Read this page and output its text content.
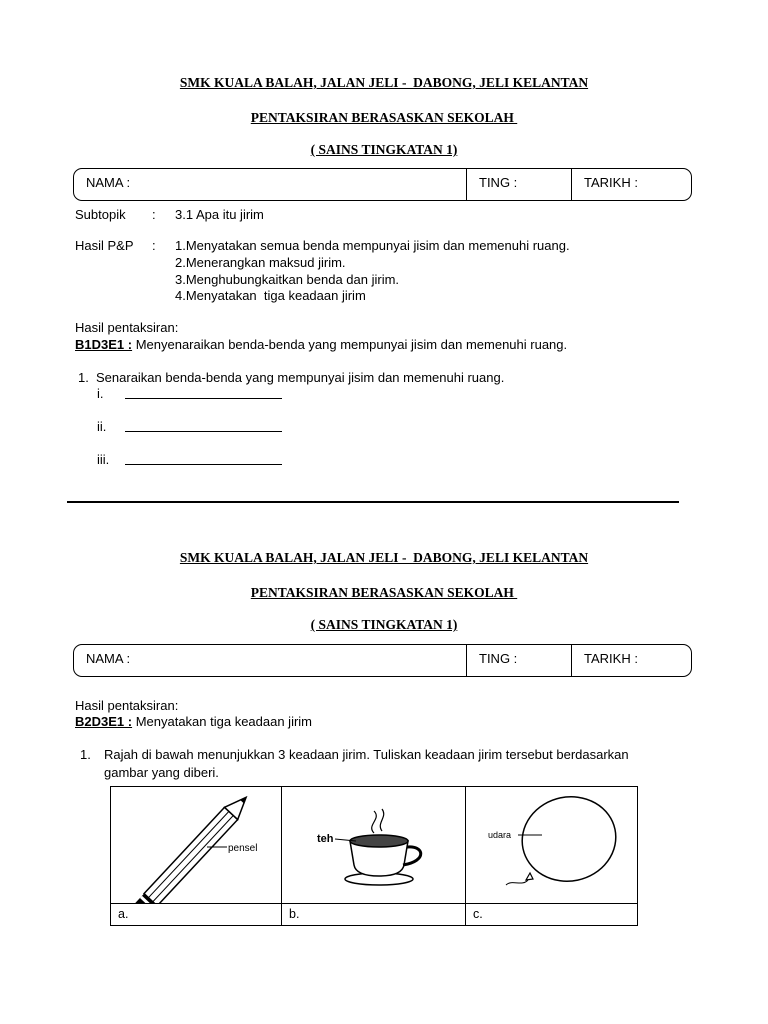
SMK KUALA BALAH, JALAN JELI -  DABONG, JELI KELANTAN
PENTAKSIRAN BERASASKAN SEKOLAH
( SAINS TINGKATAN 1)
NAMA :	TING :	TARIKH :
Subtopik : 3.1 Apa itu jirim
Hasil P&P : 1.Menyatakan semua benda mempunyai jisim dan memenuhi ruang.
2.Menerangkan maksud jirim.
3.Menghubungkaitkan benda dan jirim.
4.Menyatakan  tiga keadaan jirim
Hasil pentaksiran:
B1D3E1 : Menyenaraikan benda-benda yang mempunyai jisim dan memenuhi ruang.
1. Senaraikan benda-benda yang mempunyai jisim dan memenuhi ruang.
i.
ii.
iii.
SMK KUALA BALAH, JALAN JELI -  DABONG, JELI KELANTAN
PENTAKSIRAN BERASASKAN SEKOLAH
( SAINS TINGKATAN 1)
NAMA :	TING :	TARIKH :
Hasil pentaksiran:
B2D3E1 : Menyatakan tiga keadaan jirim
1. Rajah di bawah menunjukkan 3 keadaan jirim. Tuliskan keadaan jirim tersebut berdasarkan
gambar yang diberi.
pensel	teh	udara

a.	b.	c.
